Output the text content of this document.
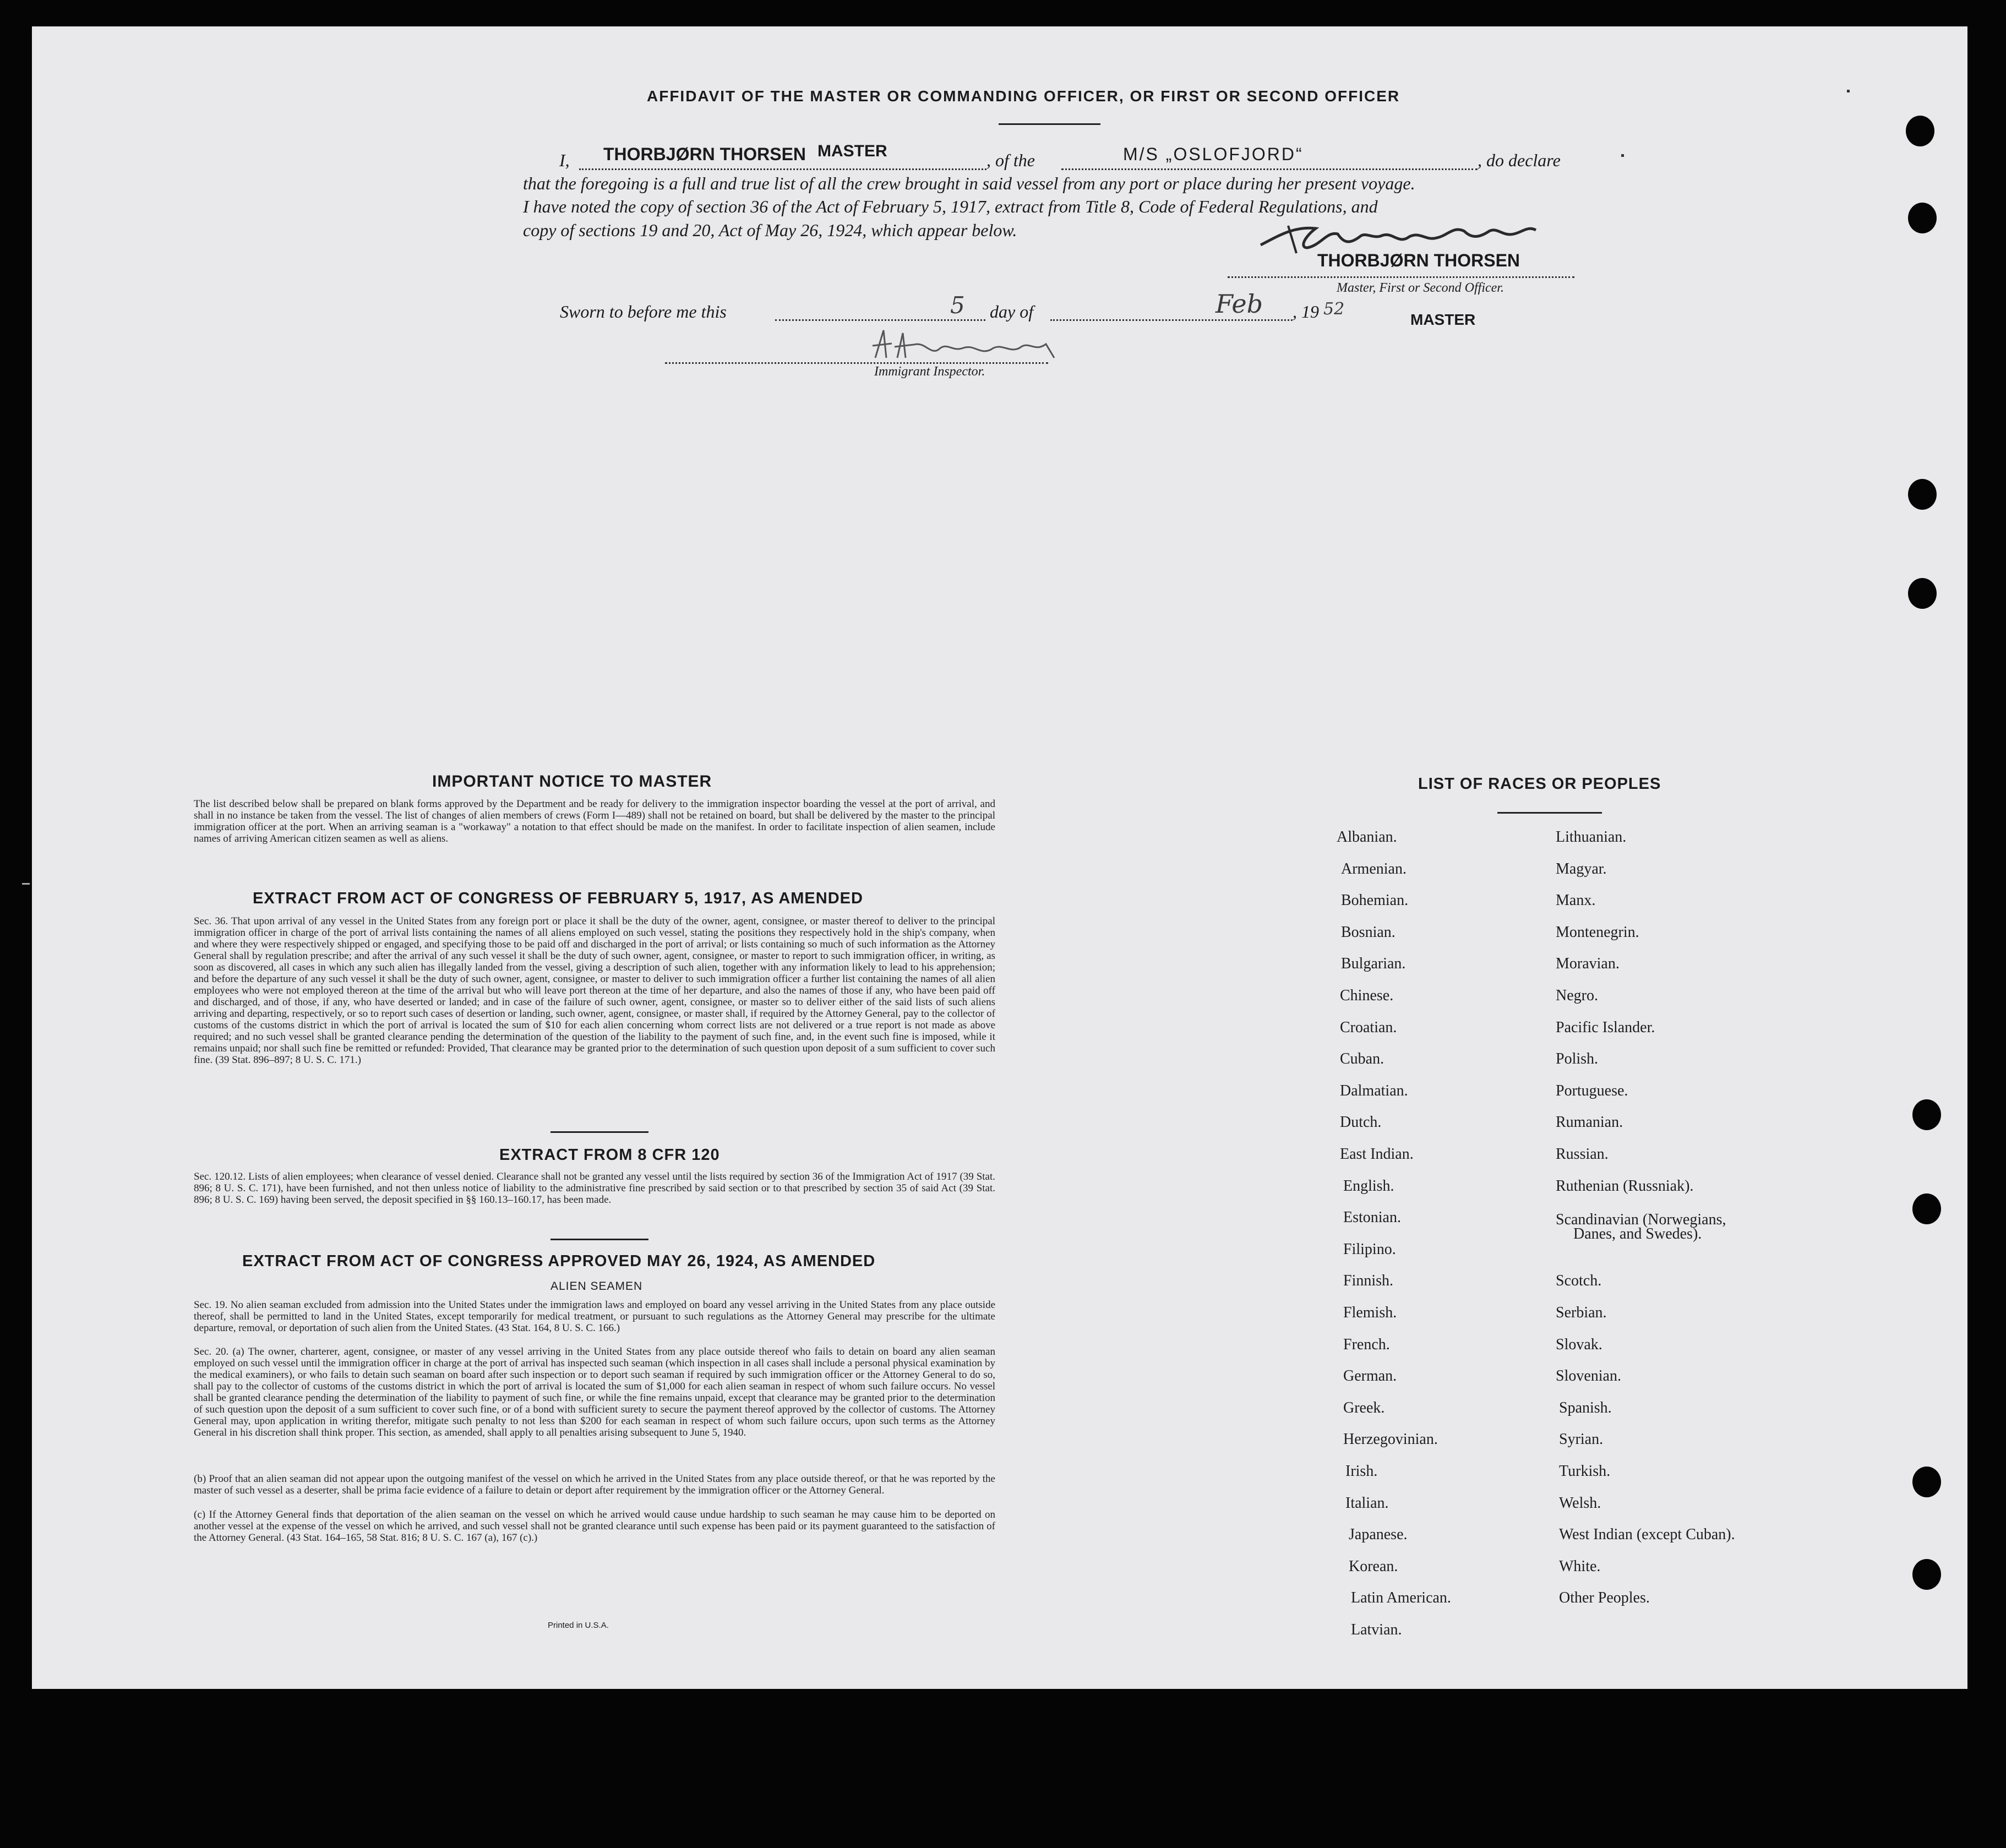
AFFIDAVIT OF THE MASTER OR COMMANDING OFFICER, OR FIRST OR SECOND OFFICER
I, THORBJØRN THORSEN MASTER	, of the	M/S „OSLOFJORD“	, do declare
that the foregoing is a full and true list of all the crew brought in said vessel from any port or place during her present voyage.
I have noted the copy of section 36 of the Act of February 5, 1917, extract from Title 8, Code of Federal Regulations, and
copy of sections 19 and 20, Act of May 26, 1924, which appear below.
THORBJØRN THORSEN
Master, First or Second Officer.
Sworn to before me this	5 day of	Feb , 19 52
MASTER
Immigrant Inspector.
IMPORTANT NOTICE TO MASTER
The list described below shall be prepared on blank forms approved by the Department and be ready for delivery to the immigration inspector boarding the vessel at the port of arrival, and shall in no instance be taken from the vessel. The list of changes of alien members of crews (Form I—489) shall not be retained on board, but shall be delivered by the master to the principal immigration officer at the port. When an arriving seaman is a "workaway" a notation to that effect should be made on the manifest. In order to facilitate inspection of alien seamen, include names of arriving American citizen seamen as well as aliens.
EXTRACT FROM ACT OF CONGRESS OF FEBRUARY 5, 1917, AS AMENDED
Sec. 36. That upon arrival of any vessel in the United States from any foreign port or place it shall be the duty of the owner, agent, consignee, or master thereof to deliver to the principal immigration officer in charge of the port of arrival lists containing the names of all aliens employed on such vessel, stating the positions they respectively hold in the ship's company, when and where they were respectively shipped or engaged, and specifying those to be paid off and discharged in the port of arrival; or lists containing so much of such information as the Attorney General shall by regulation prescribe; and after the arrival of any such vessel it shall be the duty of such owner, agent, consignee, or master to report to such immigration officer, in writing, as soon as discovered, all cases in which any such alien has illegally landed from the vessel, giving a description of such alien, together with any information likely to lead to his apprehension; and before the departure of any such vessel it shall be the duty of such owner, agent, consignee, or master to deliver to such immigration officer a further list containing the names of all alien employees who were not employed thereon at the time of the arrival but who will leave port thereon at the time of her departure, and also the names of those if any, who have been paid off and discharged, and of those, if any, who have deserted or landed; and in case of the failure of such owner, agent, consignee, or master so to deliver either of the said lists of such aliens arriving and departing, respectively, or so to report such cases of desertion or landing, such owner, agent, consignee, or master shall, if required by the Attorney General, pay to the collector of customs of the customs district in which the port of arrival is located the sum of $10 for each alien concerning whom correct lists are not delivered or a true report is not made as above required; and no such vessel shall be granted clearance pending the determination of the question of the liability to the payment of such fine, and, in the event such fine is imposed, while it remains unpaid; nor shall such fine be remitted or refunded: Provided, That clearance may be granted prior to the determination of such question upon deposit of a sum sufficient to cover such fine. (39 Stat. 896–897; 8 U. S. C. 171.)
EXTRACT FROM 8 CFR 120
Sec. 120.12. Lists of alien employees; when clearance of vessel denied. Clearance shall not be granted any vessel until the lists required by section 36 of the Immigration Act of 1917 (39 Stat. 896; 8 U. S. C. 171), have been furnished, and not then unless notice of liability to the administrative fine prescribed by said section or to that prescribed by section 35 of said Act (39 Stat. 896; 8 U. S. C. 169) having been served, the deposit specified in §§ 160.13–160.17, has been made.
EXTRACT FROM ACT OF CONGRESS APPROVED MAY 26, 1924, AS AMENDED
ALIEN SEAMEN
Sec. 19. No alien seaman excluded from admission into the United States under the immigration laws and employed on board any vessel arriving in the United States from any place outside thereof, shall be permitted to land in the United States, except temporarily for medical treatment, or pursuant to such regulations as the Attorney General may prescribe for the ultimate departure, removal, or deportation of such alien from the United States. (43 Stat. 164, 8 U. S. C. 166.)
Sec. 20. (a) The owner, charterer, agent, consignee, or master of any vessel arriving in the United States from any place outside thereof who fails to detain on board any alien seaman employed on such vessel until the immigration officer in charge at the port of arrival has inspected such seaman (which inspection in all cases shall include a personal physical examination by the medical examiners), or who fails to detain such seaman on board after such inspection or to deport such seaman if required by such immigration officer or the Attorney General to do so, shall pay to the collector of customs of the customs district in which the port of arrival is located the sum of $1,000 for each alien seaman in respect of whom such failure occurs. No vessel shall be granted clearance pending the determination of the liability to payment of such fine, or while the fine remains unpaid, except that clearance may be granted prior to the determination of such question upon the deposit of a sum sufficient to cover such fine, or of a bond with sufficient surety to secure the payment thereof approved by the collector of customs. The Attorney General may, upon application in writing therefor, mitigate such penalty to not less than $200 for each seaman in respect of whom such failure occurs, upon such terms as the Attorney General in his discretion shall think proper. This section, as amended, shall apply to all penalties arising subsequent to June 5, 1940.
(b) Proof that an alien seaman did not appear upon the outgoing manifest of the vessel on which he arrived in the United States from any place outside thereof, or that he was reported by the master of such vessel as a deserter, shall be prima facie evidence of a failure to detain or deport after requirement by the immigration officer or the Attorney General.
(c) If the Attorney General finds that deportation of the alien seaman on the vessel on which he arrived would cause undue hardship to such seaman he may cause him to be deported on another vessel at the expense of the vessel on which he arrived, and such vessel shall not be granted clearance until such expense has been paid or its payment guaranteed to the satisfaction of the Attorney General. (43 Stat. 164–165, 58 Stat. 816; 8 U. S. C. 167 (a), 167 (c).)
Printed in U.S.A.
LIST OF RACES OR PEOPLES
Albanian.
Armenian.
Bohemian.
Bosnian.
Bulgarian.
Chinese.
Croatian.
Cuban.
Dalmatian.
Dutch.
East Indian.
English.
Estonian.
Filipino.
Finnish.
Flemish.
French.
German.
Greek.
Herzegovinian.
Irish.
Italian.
Japanese.
Korean.
Latin American.
Latvian.
Lithuanian.
Magyar.
Manx.
Montenegrin.
Moravian.
Negro.
Pacific Islander.
Polish.
Portuguese.
Rumanian.
Russian.
Ruthenian (Russniak).
Scandinavian (Norwegians,
Danes, and Swedes).
Scotch.
Serbian.
Slovak.
Slovenian.
Spanish.
Syrian.
Turkish.
Welsh.
West Indian (except Cuban).
White.
Other Peoples.
